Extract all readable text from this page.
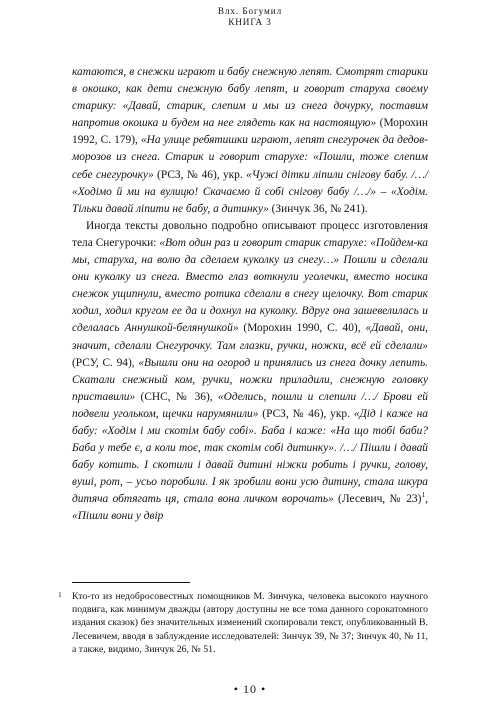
Влх. Богумил
КНИГА 3

катаются, в снежки играют и бабу снежную лепят. Смотрят старики в окошко, как дети снежную бабу лепят, и говорит старуха своему старику: «Давай, старик, слепим и мы из снега дочурку, поставим напротив окошка и будем на нее глядеть как на настоящую» (Морохин 1992, С. 179), «На улице ребятишки играют, лепят снегурочек да дедов-морозов из снега. Старик и говорит старухе: «Пошли, тоже слепим себе снегурочку» (РСЗ, № 46), укр. «Чужі дітки ліпили снігову бабу. /…/ «Ходімо й ми на вулицю! Скачаємо й собі снігову бабу /…/» – «Ходім. Тільки давай ліпити не бабу, а дитинку» (Зинчук 36, № 241).

Иногда тексты довольно подробно описывают процесс изготовления тела Снегурочки: «Вот один раз и говорит старик старухе: «Пойдем-ка мы, старуха, на волю да сделаем куколку из снегу…» Пошли и сделали они куколку из снега. Вместо глаз воткнули уголечки, вместо носика снежок ущипнули, вместо ротика сделали в снегу щелочку. Вот старик ходил, ходил кругом ее да и дохнул на куколку. Вдруг она зашевелилась и сделалась Аннушкой-белянушкой» (Морохин 1990, С. 40), «Давай, они, значит, сделали Снегурочку. Там глазки, ручки, ножки, всё ей сделали» (РСУ, С. 94), «Вышли они на огород и принялись из снега дочку лепить. Скатали снежный ком, ручки, ножки приладили, снежную головку приставили» (СНС, № 36), «Оделись, пошли и слепили /…/ Брови ей подвели угольком, щечки нарумянили» (РСЗ, № 46), укр. «Дід і каже на бабу: «Ходім і ми скотім бабу собі». Баба і каже: «На що тобі баби? Баба у тебе є, а коли тоє, так скотім собі дитинку». /…/ Пішли і давай бабу котить. І скотили і давай дитині ніжки робить і ручки, голову, вуші, рот, – усьо поробили. І як зробили вони усю дитину, стала шкура дитяча обтягать ця, стала вона личком ворочать» (Лесевич, № 23)$^1$, «Пішли вони у двір

1 Кто-то из недобросовестных помощников М. Зинчука, человека высокого научного подвига, как минимум дважды (автору доступны не все тома данного сорокатомного издания сказок) без значительных изменений скопировали текст, опубликованный В. Лесевичем, вводя в заблуждение исследователей: Зинчук 39, № 37; Зинчук 40, № 11, а также, видимо, Зинчук 26, № 51.
• 10 •
